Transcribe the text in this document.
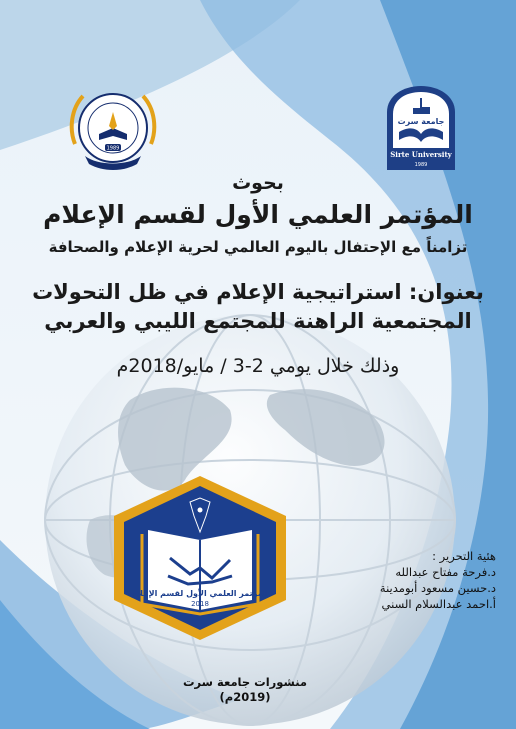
1989
جامعة سرت
Sirte University
1989
بحوث
المؤتمر العلمي الأول لقسم الإعلام
تزامناً مع الإحتفال باليوم العالمي لحرية الإعلام والصحافة
بعنوان: استراتيجية الإعلام في ظل التحولات
المجتمعية الراهنة للمجتمع الليبي والعربي
وذلك خلال يومي 2-3 / مايو/2018م
المؤتمر العلمي الأول لقسم الإعلام
2018
هئية التحرير :
د.فرحة مفتاح عبدالله
د.حسين مسعود أبومدينة
أ.احمد عبدالسلام السني
منشورات جامعة سرت
(2019م)
